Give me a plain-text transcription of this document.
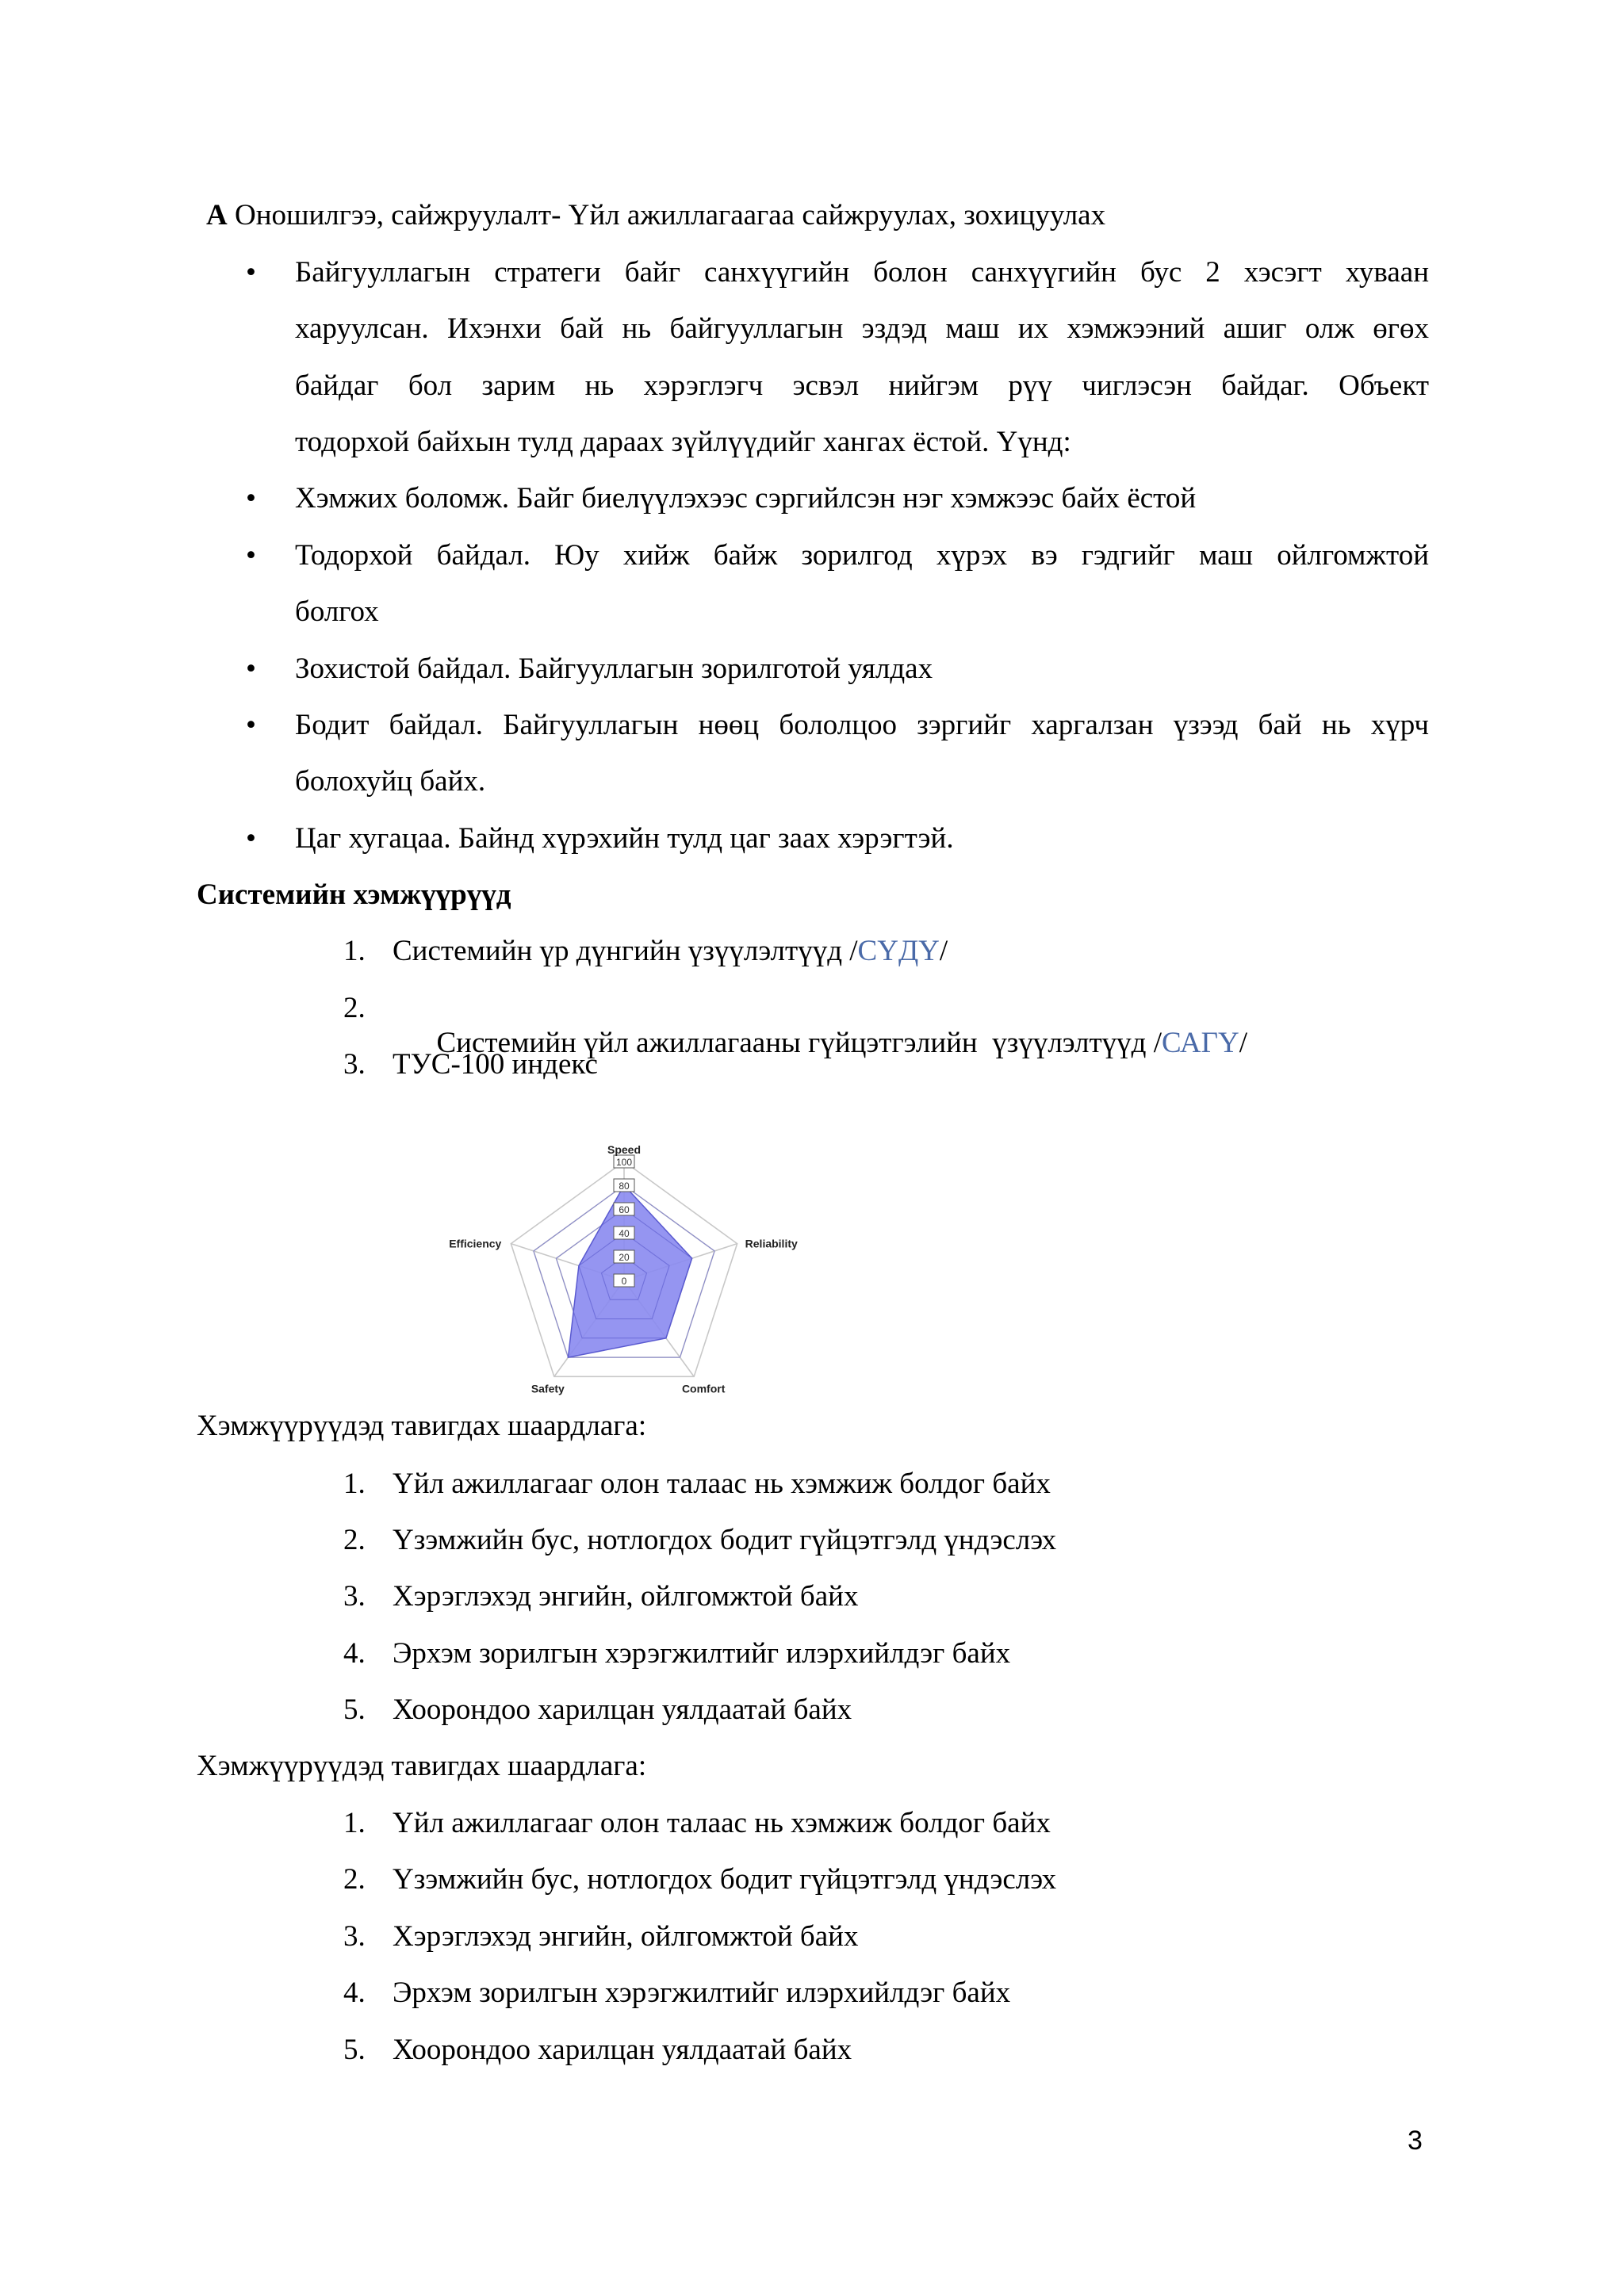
A Оношилгээ, сайжруулалт- Үйл ажиллагаагаа сайжруулах, зохицуулах
• Байгууллагын стратеги байг санхүүгийн болон санхүүгийн бус 2 хэсэгт хуваан
харуулсан. Ихэнхи бай нь байгууллагын эздэд маш их хэмжээний ашиг олж өгөх
байдаг бол зарим нь хэрэглэгч эсвэл нийгэм рүү чиглэсэн байдаг. Объект
тодорхой байхын тулд дараах зүйлүүдийг хангах ёстой. Үүнд:
• Хэмжих боломж. Байг биелүүлэхээс сэргийлсэн нэг хэмжээс байх ёстой
• Тодорхой байдал. Юу хийж байж зорилгод хүрэх вэ гэдгийг маш ойлгомжтой
болгох
• Зохистой байдал. Байгууллагын зорилготой уялдах
• Бодит байдал. Байгууллагын нөөц бололцоо зэргийг харгалзан үзээд бай нь хүрч
болохуйц байх.
• Цаг хугацаа. Байнд хүрэхийн тулд цаг заах хэрэгтэй.
Системийн хэмжүүрүүд
1. Системийн үр дүнгийн үзүүлэлтүүд /СҮДҮ/
2.

Системийн үйл ажиллагааны гүйцэтгэлийн  үзүүлэлтүүд /САГҮ/

3. ТУС-100 индекс
100
80
60
40
20
0
Speed
Reliability
Comfort
Safety
Efficiency
Хэмжүүрүүдэд тавигдах шаардлага:
1. Үйл ажиллагааг олон талаас нь хэмжиж болдог байх
2. Үзэмжийн бус, нотлогдох бодит гүйцэтгэлд үндэслэх
3. Хэрэглэхэд энгийн, ойлгомжтой байх
4. Эрхэм зорилгын хэрэгжилтийг илэрхийлдэг байх
5. Хоорондоо харилцан уялдаатай байх
Хэмжүүрүүдэд тавигдах шаардлага:
1. Үйл ажиллагааг олон талаас нь хэмжиж болдог байх
2. Үзэмжийн бус, нотлогдох бодит гүйцэтгэлд үндэслэх
3. Хэрэглэхэд энгийн, ойлгомжтой байх
4. Эрхэм зорилгын хэрэгжилтийг илэрхийлдэг байх
5. Хоорондоо харилцан уялдаатай байх
3
